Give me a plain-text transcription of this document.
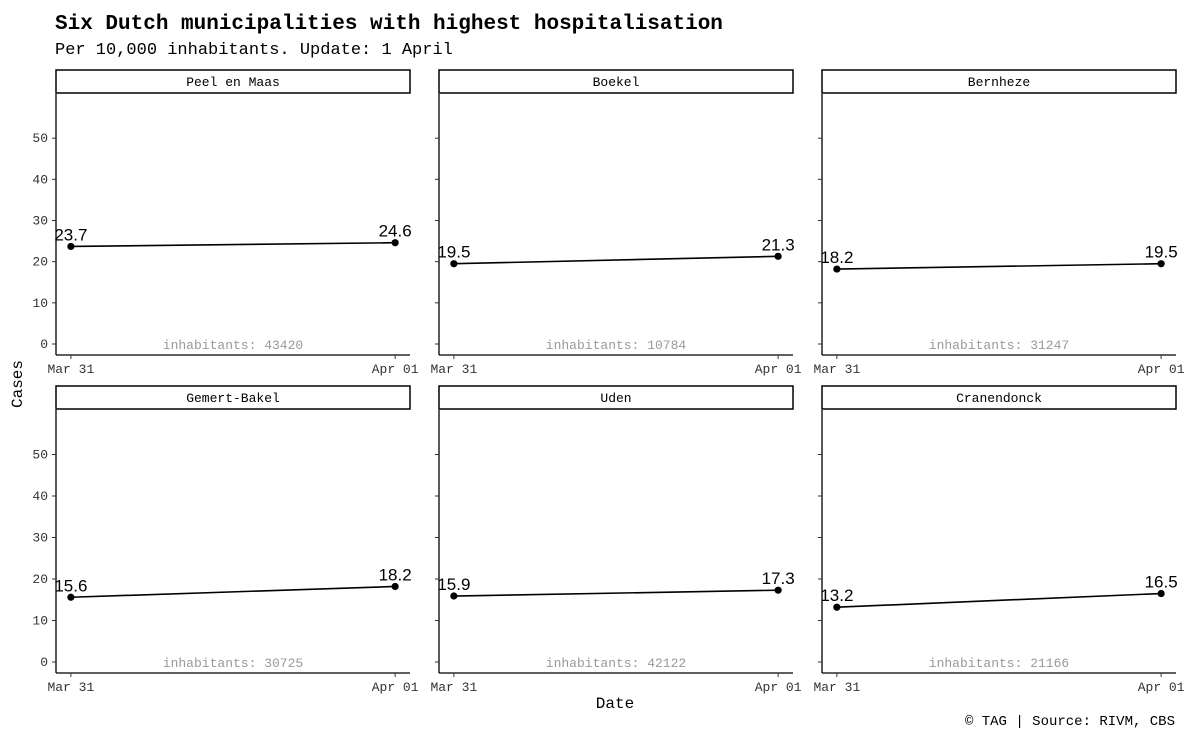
Six Dutch municipalities with highest hospitalisation
Per 10,000 inhabitants. Update: 1 April
Peel en Maas
0
10
20
30
40
50
Mar 31	Apr 01
23.7	24.6
inhabitants: 43420
Boekel
Mar 31	Apr 01
19.5	21.3
inhabitants: 10784
Bernheze
Mar 31	Apr 01
18.2	19.5
inhabitants: 31247
Gemert-Bakel
0
10
20
30
40
50
Mar 31	Apr 01
15.6
18.2
inhabitants: 30725
Uden
Mar 31	Apr 01
15.9	17.3
inhabitants: 42122
Cranendonck
Mar 31	Apr 01
13.2
16.5
inhabitants: 21166
Cases
Date
© TAG | Source: RIVM, CBS
